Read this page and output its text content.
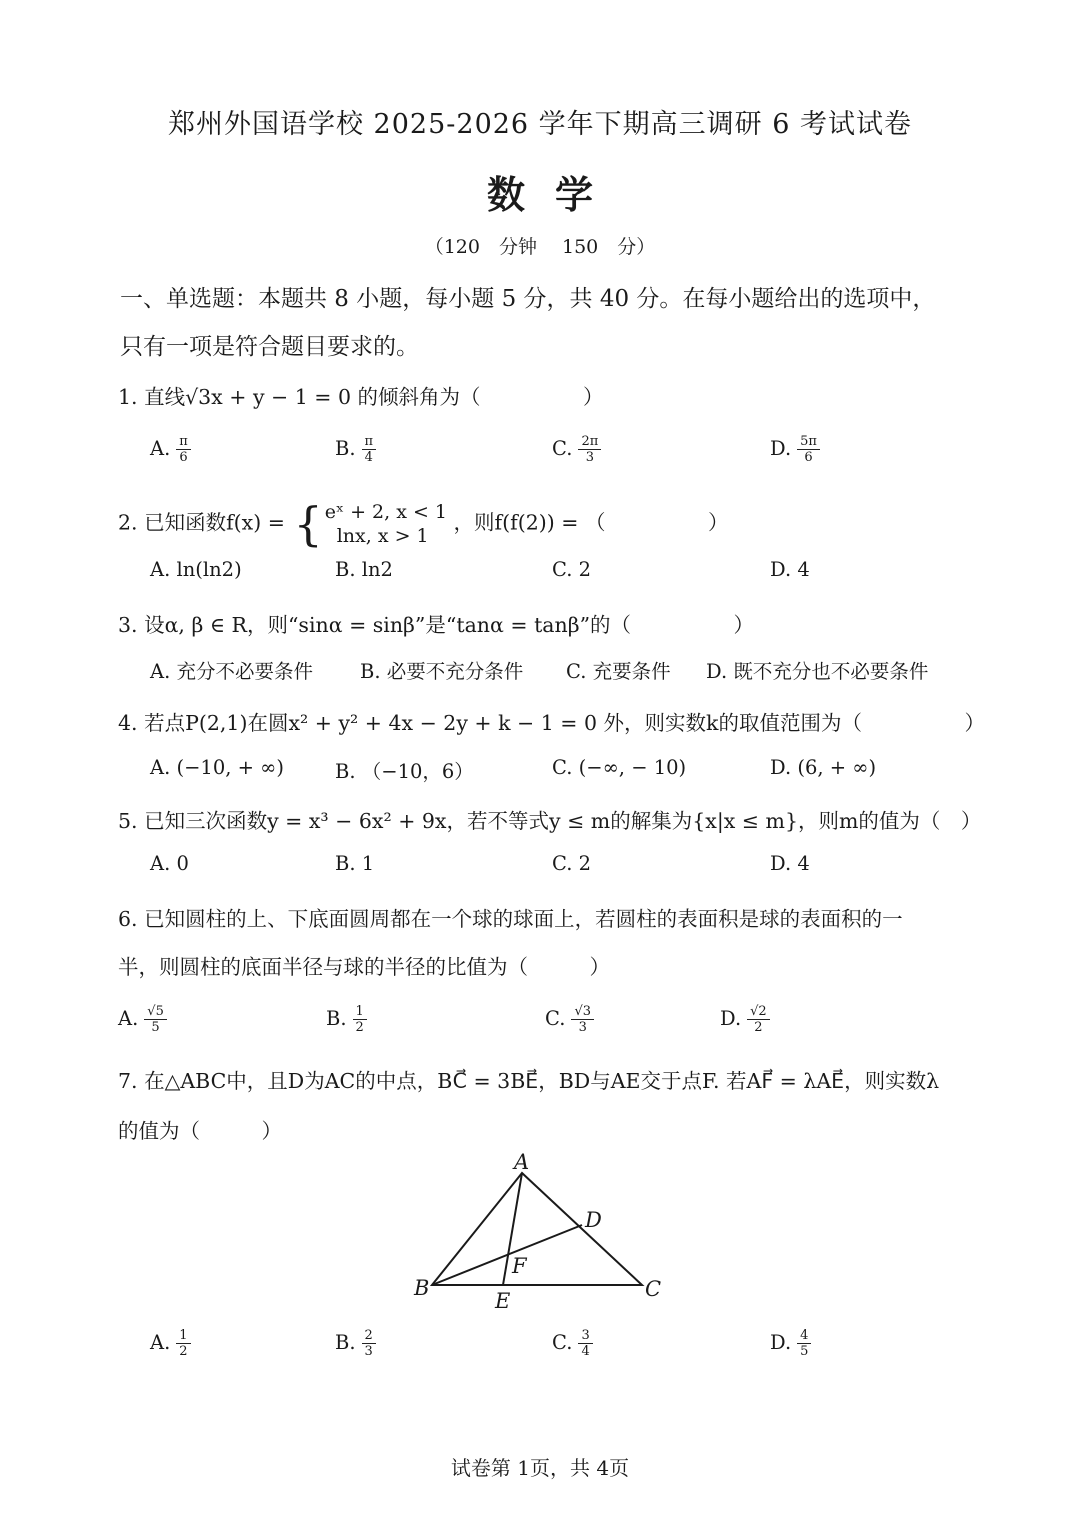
郑州外国语学校 2025-2026 学年下期高三调研 6 考试试卷
数学
（120　分钟　 150　分）
一、单选题：本题共 8 小题，每小题 5 分，共 40 分。在每小题给出的选项中，
只有一项是符合题目要求的。
1. 直线√3x + y − 1 = 0 的倾斜角为（　　　　　）
A. $\frac{\pi}{6}$	B. $\frac{\pi}{4}$	C. $\frac{2\pi}{3}$	D. $\frac{5\pi}{6}$
2. 已知函数f(x) = { eˣ + 2, x < 1
lnx, x > 1
，则f(f(2)) = （　　　　　）
A. ln(ln2)	B. ln2	C. 2	D. 4
3. 设α, β ∈ R，则“sinα = sinβ”是“tanα = tanβ”的（　　　　　）
A. 充分不必要条件 B. 必要不充分条件 C. 充要条件 D. 既不充分也不必要条件
4. 若点P(2,1)在圆x² + y² + 4x − 2y + k − 1 = 0 外，则实数k的取值范围为（　　　　　）
A. (−10, + ∞)	B. （−10，6）	C. (−∞, − 10)	D. (6, + ∞)
5. 已知三次函数y = x³ − 6x² + 9x，若不等式y ≤ m的解集为{x|x ≤ m}，则m的值为（　）
A. 0	B. 1	C. 2	D. 4
6. 已知圆柱的上、下底面圆周都在一个球的球面上，若圆柱的表面积是球的表面积的一
半，则圆柱的底面半径与球的半径的比值为（　　　）
A. $\frac{√5}{5}$	B. $\frac{1}{2}$	C. $\frac{√3}{3}$	D. $\frac{√2}{2}$
7. 在△ABC中，且D为AC的中点，BC⃗ = 3BE⃗，BD与AE交于点F. 若AF⃗ = λAE⃗，则实数λ
的值为（　　　）
A
B	C
D
E
F
A. $\frac{1}{2}$	B. $\frac{2}{3}$	C. $\frac{3}{4}$	D. $\frac{4}{5}$
试卷第 1页，共 4页
